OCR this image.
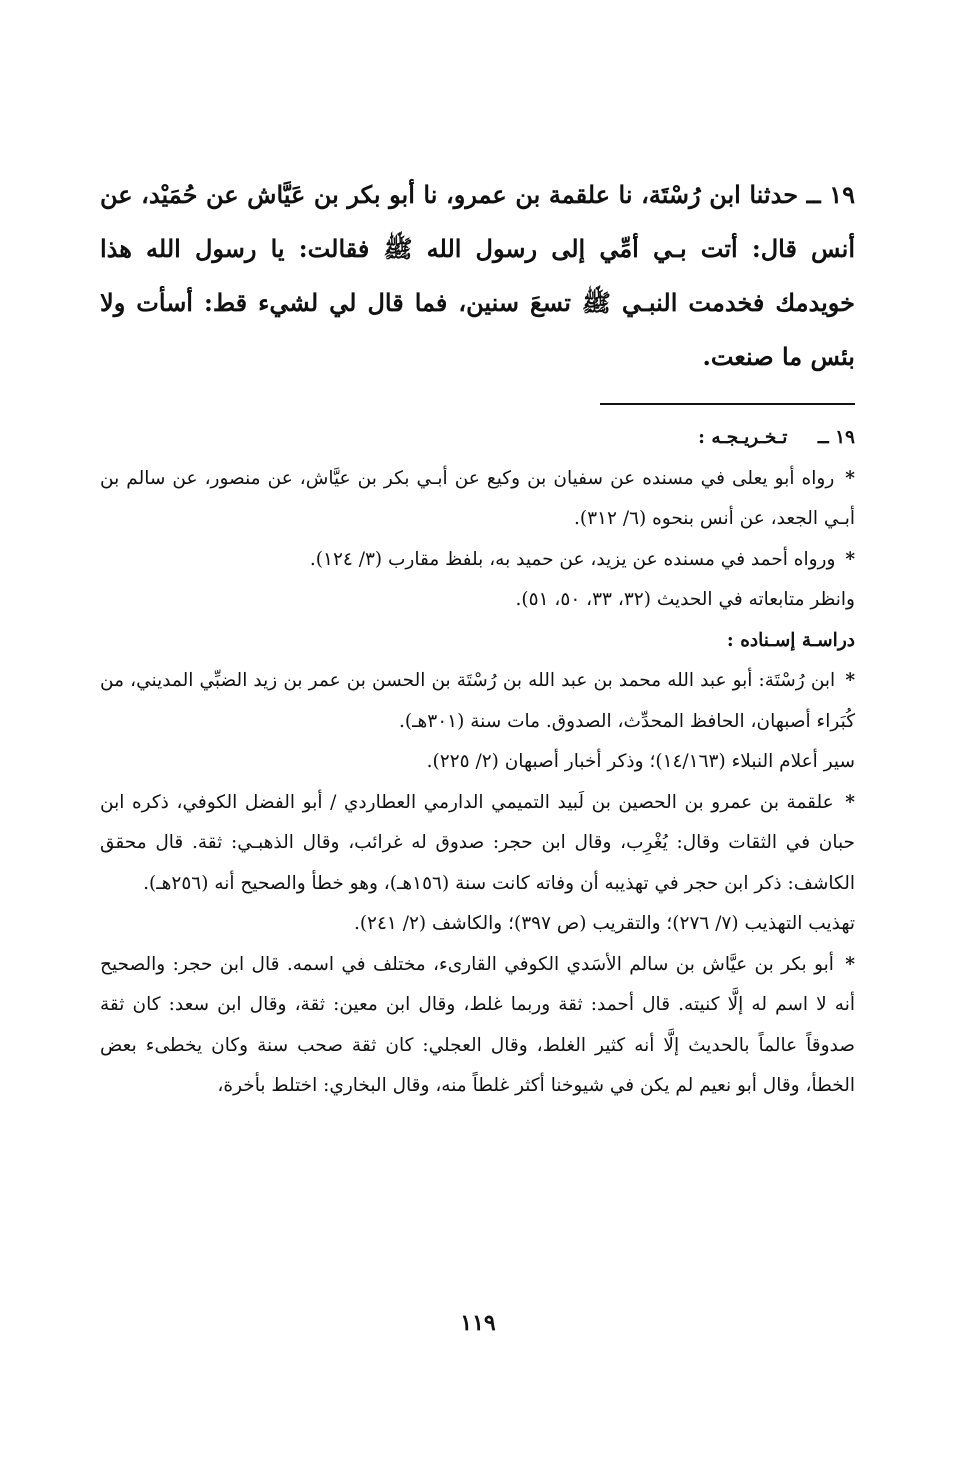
١٩ ــ حدثنا ابن رُسْتَة، نا علقمة بن عمرو، نا أبو بكر بن عَيَّاش عن حُمَيْد، عن أنس قال: أتت بـي أمِّي إلى رسول الله ﷺ فقالت: يا رسول الله هذا خويدمك فخدمت النبـي ﷺ تسعَ سنين، فما قال لي لشيء قط: أسأت ولا بئس ما صنعت.

١٩ ــ تـخـريـجـه :

* رواه أبو يعلى في مسنده عن سفيان بن وكيع عن أبـي بكر بن عيَّاش، عن منصور، عن سالم بن أبـي الجعد، عن أنس بنحوه (٦/ ٣١٢).

* ورواه أحمد في مسنده عن يزيد، عن حميد به، بلفظ مقارب (٣/ ١٢٤).

وانظر متابعاته في الحديث (٣٢، ٣٣، ٥٠، ٥١).

دراسـة إسـناده :

* ابن رُسْتَة: أبو عبد الله محمد بن عبد الله بن رُسْتَة بن الحسن بن عمر بن زيد الضبِّي المديني، من كُبَراء أصبهان، الحافظ المحدِّث، الصدوق. مات سنة (٣٠١هـ).

سير أعلام النبلاء (١٤/١٦٣)؛ وذكر أخبار أصبهان (٢/ ٢٢٥).

* علقمة بن عمرو بن الحصين بن لَبيد التميمي الدارمي العطاردي / أبو الفضل الكوفي، ذكره ابن حبان في الثقات وقال: يُغْرِب، وقال ابن حجر: صدوق له غرائب، وقال الذهبـي: ثقة. قال محقق الكاشف: ذكر ابن حجر في تهذيبه أن وفاته كانت سنة (١٥٦هـ)، وهو خطأ والصحيح أنه (٢٥٦هـ).

تهذيب التهذيب (٧/ ٢٧٦)؛ والتقريب (ص ٣٩٧)؛ والكاشف (٢/ ٢٤١).

* أبو بكر بن عيَّاش بن سالم الأسَدي الكوفي القارىء، مختلف في اسمه. قال ابن حجر: والصحيح أنه لا اسم له إلَّا كنيته. قال أحمد: ثقة وربما غلط، وقال ابن معين: ثقة، وقال ابن سعد: كان ثقة صدوقاً عالماً بالحديث إلَّا أنه كثير الغلط، وقال العجلي: كان ثقة صحب سنة وكان يخطىء بعض الخطأ، وقال أبو نعيم لم يكن في شيوخنا أكثر غلطاً منه، وقال البخاري: اختلط بأخرة،

١١٩
